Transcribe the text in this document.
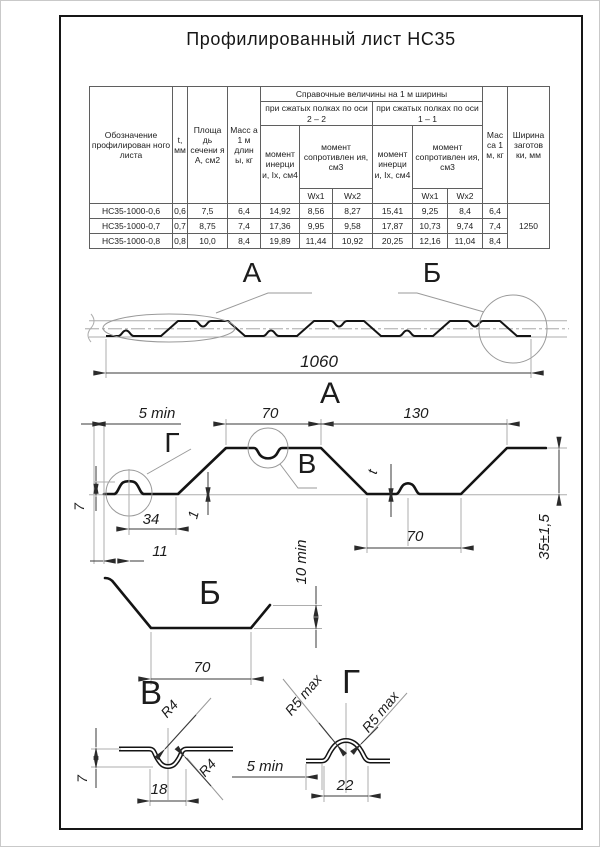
Профилированный лист НС35
А	Б
1060
А
Г
В
5 min	70	130
7
34
11
1
t
70	35±1,5
Б
10 min
70
В
R4
R4
7
18
Г
R5 max R5 max
5 min
22
Обозначение профилирован ного листа	t, мм	Площа дь сечени я А, см2	Масс а 1 м длин ы, кг	Справочные величины на 1 м ширины						Мас са 1 м, кг	Ширина заготов ки, мм
				при сжатых полках по оси 2 – 2			при сжатых полках по оси 1 – 1				
				момент инерци и, Ix, см4	момент сопротивлен ия, см3		момент инерци и, Ix, см4	момент сопротивлен ия, см3			
					Wx1	Wx2		Wx1	Wx2		
НС35-1000-0,6	0,6	7,5	6,4	14,92	8,56	8,27	15,41	9,25	8,4	6,4	1250
НС35-1000-0,7	0,7	8,75	7,4	17,36	9,95	9,58	17,87	10,73	9,74	7,4	
НС35-1000-0,8	0,8	10,0	8,4	19,89	11,44	10,92	20,25	12,16	11,04	8,4	
